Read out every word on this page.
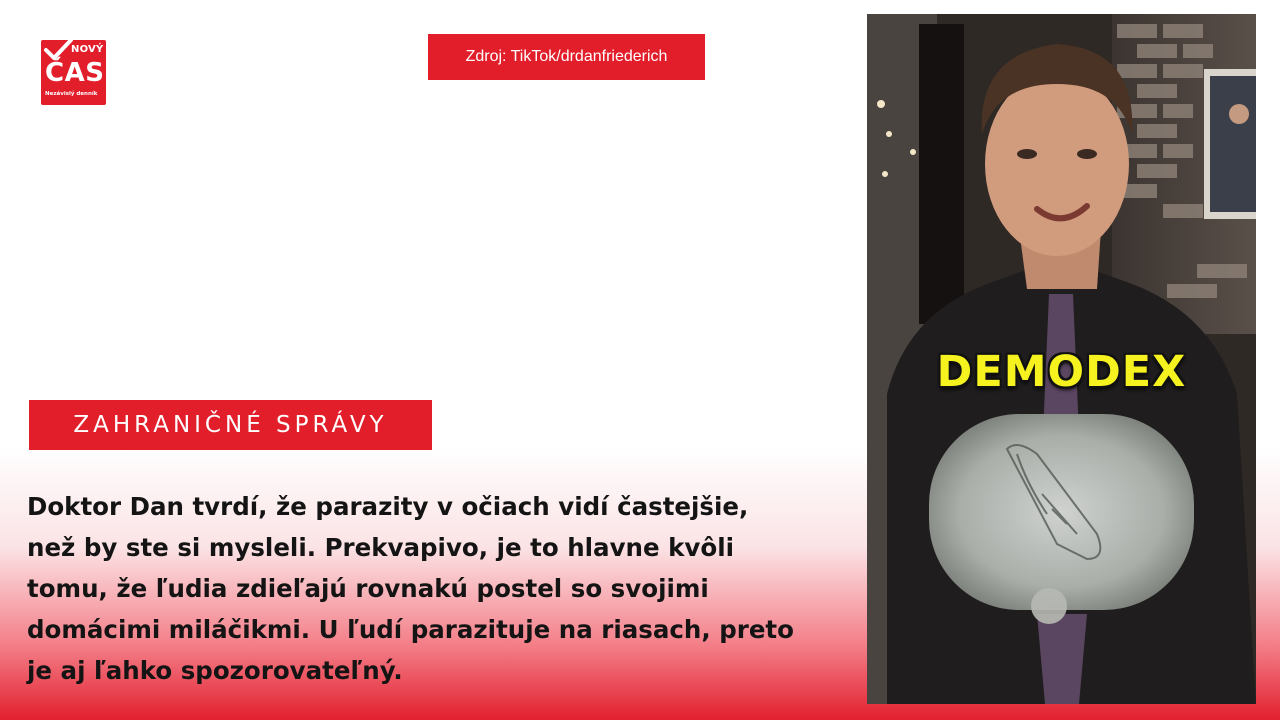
NOVÝ
ČAS
Nezávislý denník
Zdroj: TikTok/drdanfriederich
ZAHRANIČNÉ SPRÁVY
Doktor Dan tvrdí, že parazity v očiach vidí častejšie,
než by ste si mysleli. Prekvapivo, je to hlavne kvôli
tomu, že ľudia zdieľajú rovnakú postel so svojimi
domácimi miláčikmi. U ľudí parazituje na riasach, preto
je aj ľahko spozorovateľný.
DEMODEX
